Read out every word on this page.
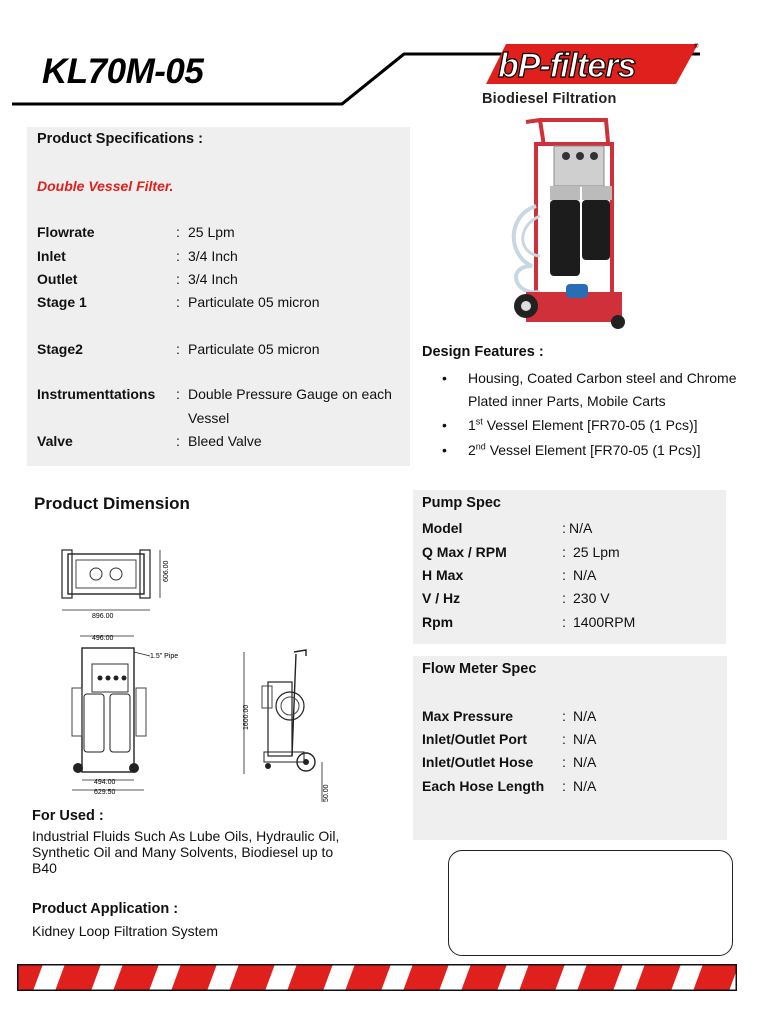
KL70M-05	bP-filters	®
Biodiesel Filtration
Product Specifications :
Double Vessel Filter.
Flowrate	: 25 Lpm
Inlet	: 3/4 Inch
Outlet	: 3/4 Inch
Stage 1	: Particulate 05 micron
Stage2	: Particulate 05 micron
Instrumenttations : Double Pressure Gauge on each
Vessel
Valve	: Bleed Valve
Design Features :
• Housing, Coated Carbon steel and Chrome Plated inner Parts, Mobile Carts
• 1st Vessel Element [FR70-05 (1 Pcs)]
• 2nd Vessel Element [FR70-05 (1 Pcs)]
Product Dimension
896.00
606.00
496.00
1.5" Pipe
494.00
629.50
1600.00
50.00
Pump Spec
Model	: N/A
Q Max / RPM	: 25 Lpm
H Max	: N/A
V / Hz	: 230 V
Rpm	: 1400RPM
Flow Meter Spec
Max Pressure	: N/A
Inlet/Outlet Port	: N/A
Inlet/Outlet Hose : N/A
Each Hose Length : N/A
For Used :
Industrial Fluids Such As Lube Oils, Hydraulic Oil, Synthetic Oil and Many Solvents, Biodiesel up to B40
Product Application :
Kidney Loop Filtration System
